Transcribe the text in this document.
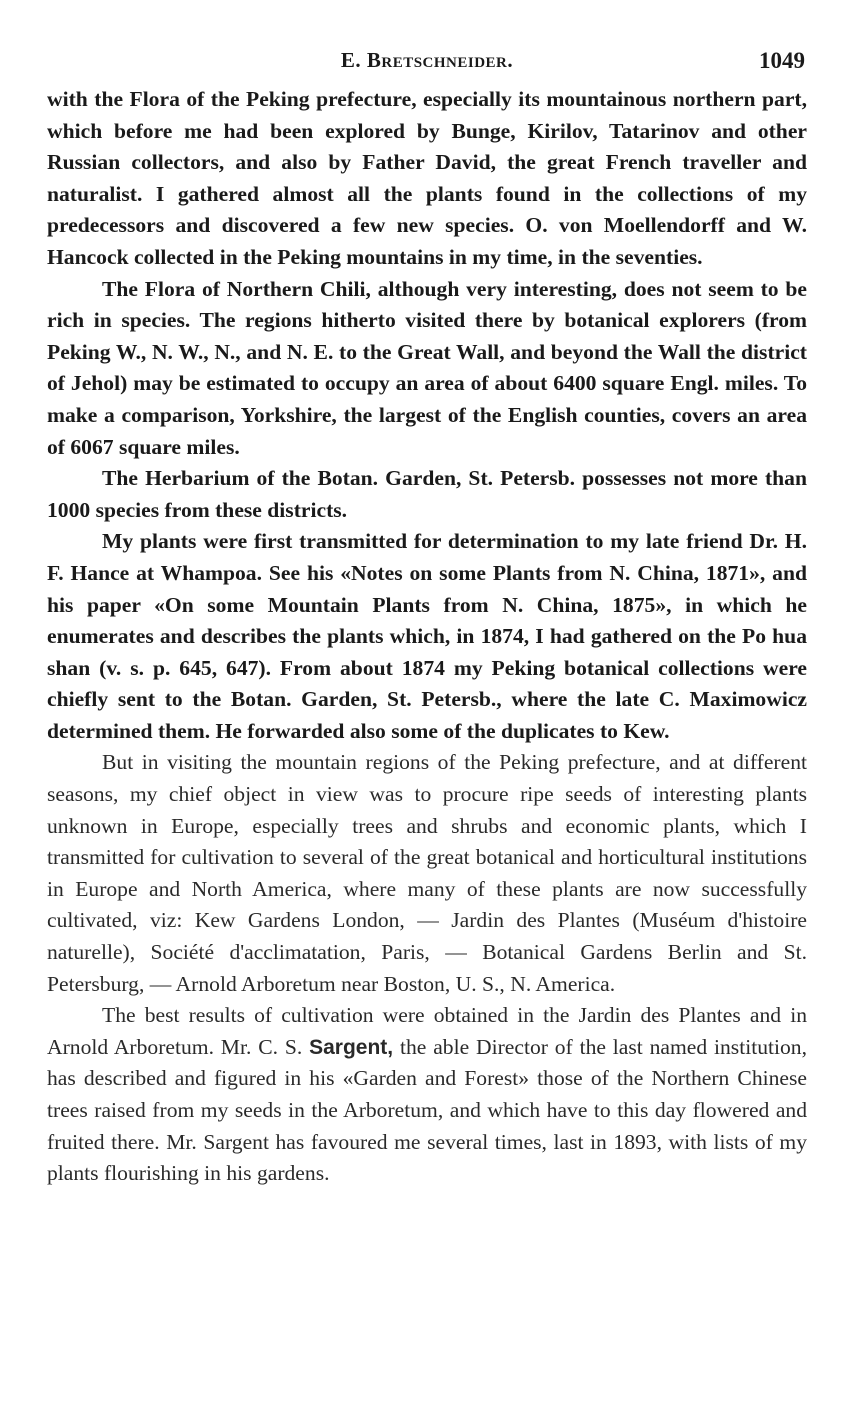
E. Bretschneider.	1049

with the Flora of the Peking prefecture, especially its mountainous northern part, which before me had been explored by Bunge, Kirilov, Tatarinov and other Russian collectors, and also by Father David, the great French traveller and naturalist. I gathered almost all the plants found in the collections of my predecessors and discovered a few new species. O. von Moellendorff and W. Hancock collected in the Peking mountains in my time, in the seventies.

The Flora of Northern Chili, although very interesting, does not seem to be rich in species. The regions hitherto visited there by botanical explorers (from Peking W., N. W., N., and N. E. to the Great Wall, and beyond the Wall the district of Jehol) may be estimated to occupy an area of about 6400 square Engl. miles. To make a comparison, Yorkshire, the largest of the English counties, covers an area of 6067 square miles.

The Herbarium of the Botan. Garden, St. Petersb. possesses not more than 1000 species from these districts.

My plants were first transmitted for determination to my late friend Dr. H. F. Hance at Whampoa. See his «Notes on some Plants from N. China, 1871», and his paper «On some Mountain Plants from N. China, 1875», in which he enumerates and describes the plants which, in 1874, I had gathered on the Po hua shan (v. s. p. 645, 647). From about 1874 my Peking botanical collections were chiefly sent to the Botan. Garden, St. Petersb., where the late C. Maximowicz determined them. He forwarded also some of the duplicates to Kew.

But in visiting the mountain regions of the Peking prefecture, and at different seasons, my chief object in view was to procure ripe seeds of interesting plants unknown in Europe, especially trees and shrubs and economic plants, which I transmitted for cultivation to several of the great botanical and horticultural institutions in Europe and North America, where many of these plants are now successfully cultivated, viz: Kew Gardens London, — Jardin des Plantes (Muséum d'histoire naturelle), Société d'acclimatation, Paris, — Botanical Gardens Berlin and St. Petersburg, — Arnold Arboretum near Boston, U. S., N. America.

The best results of cultivation were obtained in the Jardin des Plantes and in Arnold Arboretum. Mr. C. S. Sargent, the able Director of the last named institution, has described and figured in his «Garden and Forest» those of the Northern Chinese trees raised from my seeds in the Arboretum, and which have to this day flowered and fruited there. Mr. Sargent has favoured me several times, last in 1893, with lists of my plants flourishing in his gardens.
